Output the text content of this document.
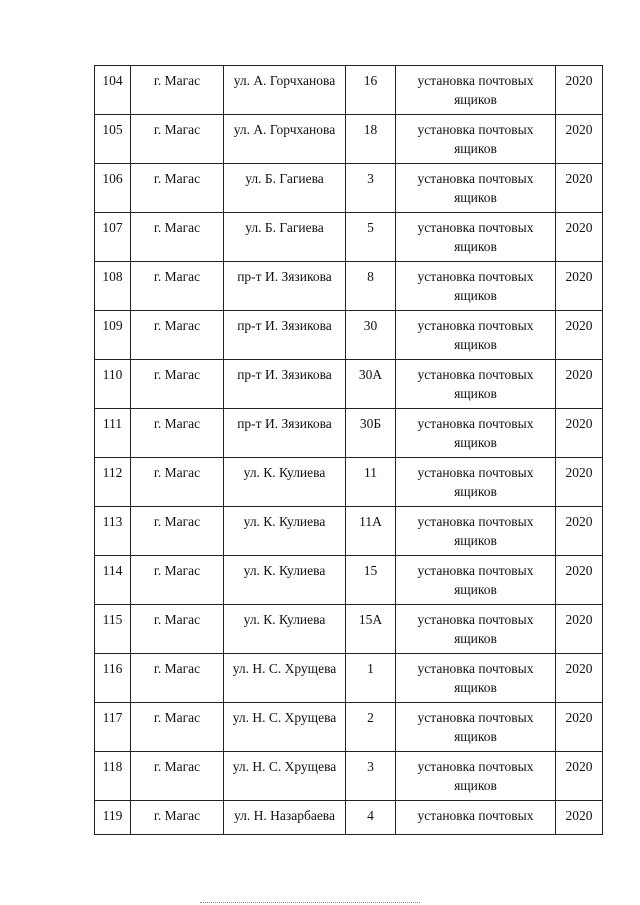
104	г. Магас	ул. А. Горчханова	16	установка почтовых ящиков	2020
105	г. Магас	ул. А. Горчханова	18	установка почтовых ящиков	2020
106	г. Магас	ул. Б. Гагиева	3	установка почтовых ящиков	2020
107	г. Магас	ул. Б. Гагиева	5	установка почтовых ящиков	2020
108	г. Магас	пр-т И. Зязикова	8	установка почтовых ящиков	2020
109	г. Магас	пр-т И. Зязикова	30	установка почтовых ящиков	2020
110	г. Магас	пр-т И. Зязикова	30А	установка почтовых ящиков	2020
111	г. Магас	пр-т И. Зязикова	30Б	установка почтовых ящиков	2020
112	г. Магас	ул. К. Кулиева	11	установка почтовых ящиков	2020
113	г. Магас	ул. К. Кулиева	11А	установка почтовых ящиков	2020
114	г. Магас	ул. К. Кулиева	15	установка почтовых ящиков	2020
115	г. Магас	ул. К. Кулиева	15А	установка почтовых ящиков	2020
116	г. Магас	ул. Н. С. Хрущева	1	установка почтовых ящиков	2020
117	г. Магас	ул. Н. С. Хрущева	2	установка почтовых ящиков	2020
118	г. Магас	ул. Н. С. Хрущева	3	установка почтовых ящиков	2020
119	г. Магас	ул. Н. Назарбаева	4	установка почтовых	2020
